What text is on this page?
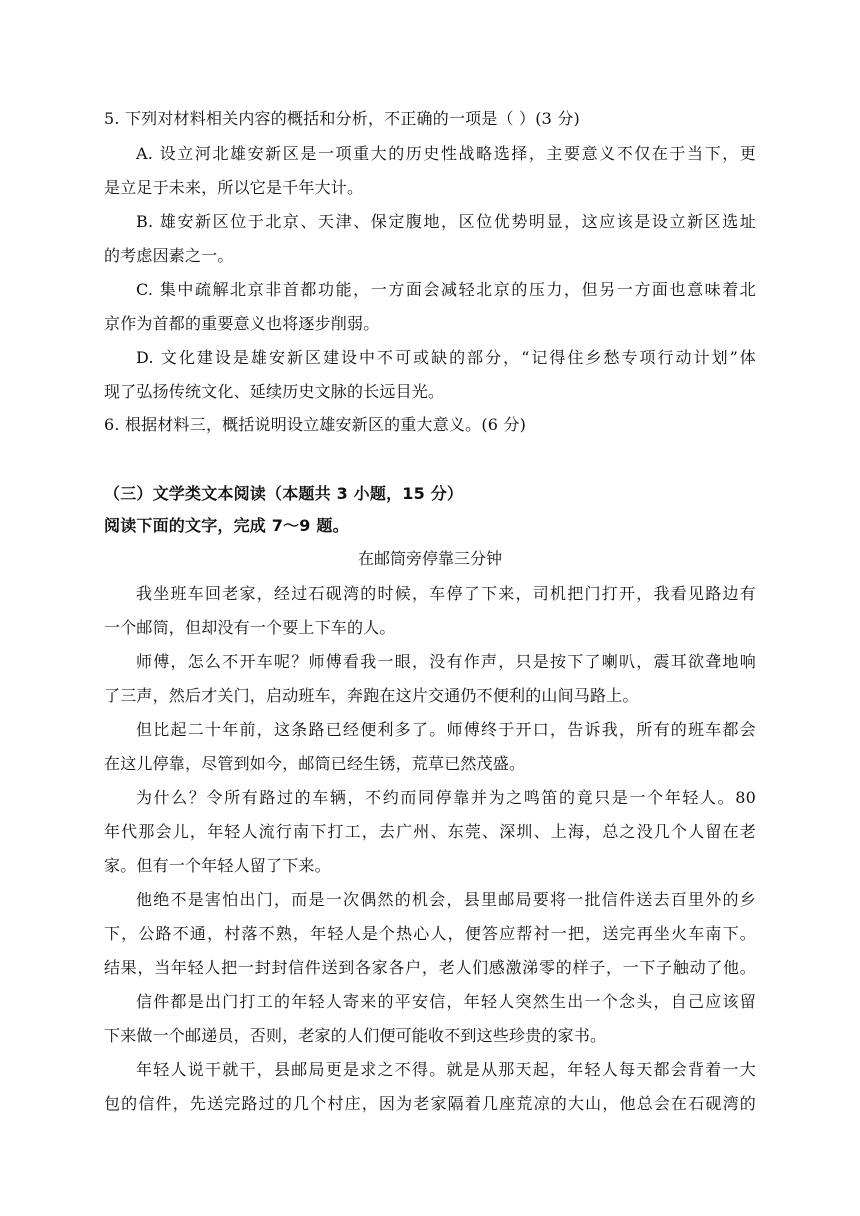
5. 下列对材料相关内容的概括和分析，不正确的一项是（ ）(3 分)
A. 设立河北雄安新区是一项重大的历史性战略选择，主要意义不仅在于当下，更
是立足于未来，所以它是千年大计。
B. 雄安新区位于北京、天津、保定腹地，区位优势明显，这应该是设立新区选址
的考虑因素之一。
C. 集中疏解北京非首都功能，一方面会减轻北京的压力，但另一方面也意味着北
京作为首都的重要意义也将逐步削弱。
D. 文化建设是雄安新区建设中不可或缺的部分，“记得住乡愁专项行动计划”体
现了弘扬传统文化、延续历史文脉的长远目光。
6. 根据材料三，概括说明设立雄安新区的重大意义。(6 分)
（三）文学类文本阅读（本题共 3 小题，15 分）
阅读下面的文字，完成 7～9 题。
在邮筒旁停靠三分钟
我坐班车回老家，经过石砚湾的时候，车停了下来，司机把门打开，我看见路边有
一个邮筒，但却没有一个要上下车的人。
师傅，怎么不开车呢？师傅看我一眼，没有作声，只是按下了喇叭，震耳欲聋地响
了三声，然后才关门，启动班车，奔跑在这片交通仍不便利的山间马路上。
但比起二十年前，这条路已经便利多了。师傅终于开口，告诉我，所有的班车都会
在这儿停靠，尽管到如今，邮筒已经生锈，荒草已然茂盛。
为什么？令所有路过的车辆，不约而同停靠并为之鸣笛的竟只是一个年轻人。80
年代那会儿，年轻人流行南下打工，去广州、东莞、深圳、上海，总之没几个人留在老
家。但有一个年轻人留了下来。
他绝不是害怕出门，而是一次偶然的机会，县里邮局要将一批信件送去百里外的乡
下，公路不通，村落不熟，年轻人是个热心人，便答应帮衬一把，送完再坐火车南下。
结果，当年轻人把一封封信件送到各家各户，老人们感激涕零的样子，一下子触动了他。
信件都是出门打工的年轻人寄来的平安信，年轻人突然生出一个念头，自己应该留
下来做一个邮递员，否则，老家的人们便可能收不到这些珍贵的家书。
年轻人说干就干，县邮局更是求之不得。就是从那天起，年轻人每天都会背着一大
包的信件，先送完路过的几个村庄，因为老家隔着几座荒凉的大山，他总会在石砚湾的
